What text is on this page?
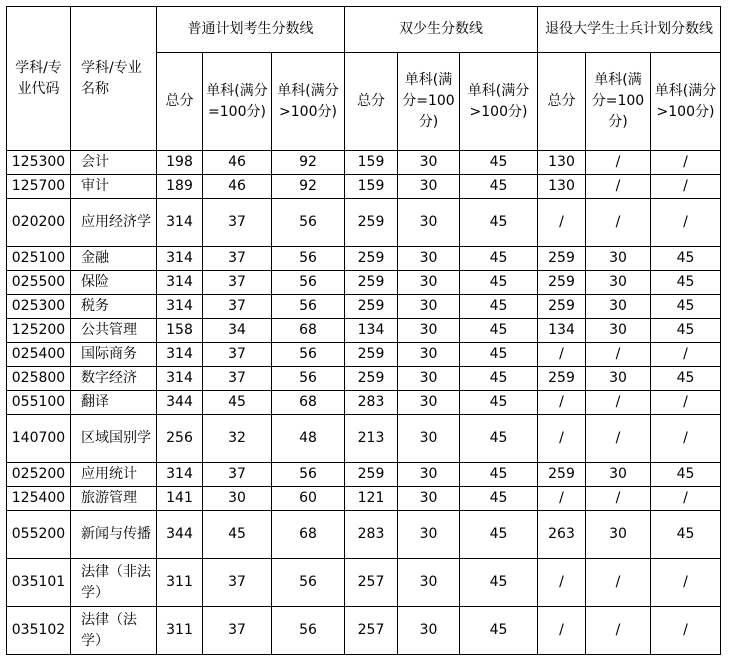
学科/专业代码	学科/专业名称	普通计划考生分数线			双少生分数线			退役大学生士兵计划分数线		
		总分	单科(满分=100分)	单科(满分>100分)	总分	单科(满分=100分)	单科(满分>100分)	总分	单科(满分=100分)	单科(满分>100分)
125300	会计	198	46	92	159	30	45	130	/	/
125700	审计	189	46	92	159	30	45	130	/	/
020200	应用经济学	314	37	56	259	30	45	/	/	/
025100	金融	314	37	56	259	30	45	259	30	45
025500	保险	314	37	56	259	30	45	259	30	45
025300	税务	314	37	56	259	30	45	259	30	45
125200	公共管理	158	34	68	134	30	45	134	30	45
025400	国际商务	314	37	56	259	30	45	/	/	/
025800	数字经济	314	37	56	259	30	45	259	30	45
055100	翻译	344	45	68	283	30	45	/	/	/
140700	区域国别学	256	32	48	213	30	45	/	/	/
025200	应用统计	314	37	56	259	30	45	259	30	45
125400	旅游管理	141	30	60	121	30	45	/	/	/
055200	新闻与传播	344	45	68	283	30	45	263	30	45
035101	法律（非法学）	311	37	56	257	30	45	/	/	/
035102	法律（法学）	311	37	56	257	30	45	/	/	/
